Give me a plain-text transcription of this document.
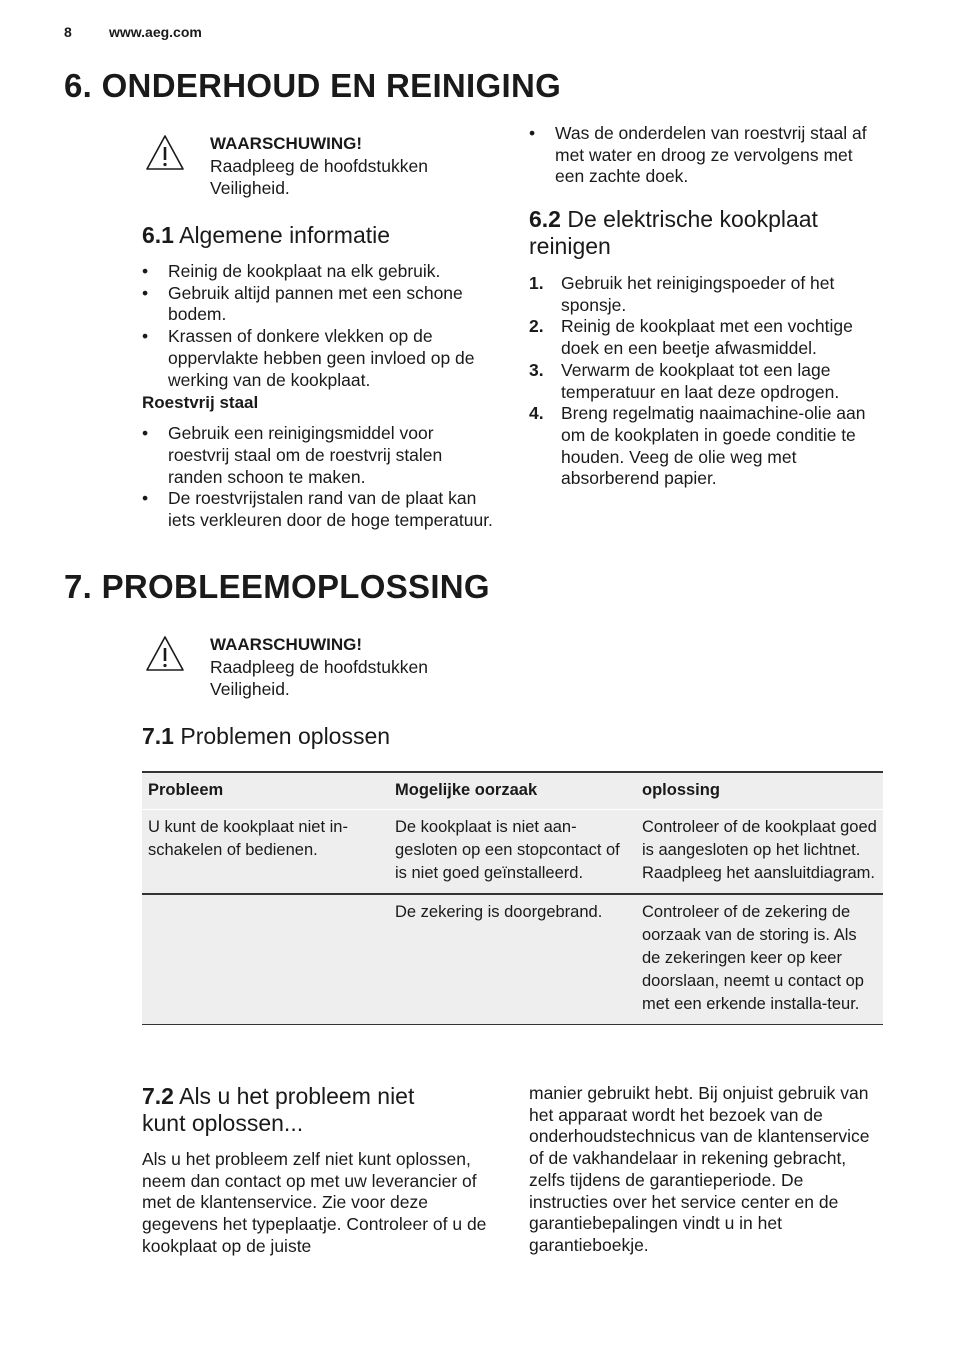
8	www.aeg.com
6. ONDERHOUD EN REINIGING
WAARSCHUWING!
Raadpleeg de hoofdstukken
Veiligheid.
6.1 Algemene informatie
• Reinig de kookplaat na elk gebruik.
• Gebruik altijd pannen met een schone bodem.
• Krassen of donkere vlekken op de oppervlakte hebben geen invloed op de werking van de kookplaat.
Roestvrij staal
• Gebruik een reinigingsmiddel voor roestvrij staal om de roestvrij stalen randen schoon te maken.
• De roestvrijstalen rand van de plaat kan iets verkleuren door de hoge temperatuur.
• Was de onderdelen van roestvrij staal af met water en droog ze vervolgens met een zachte doek.
6.2 De elektrische kookplaat
reinigen
1. Gebruik het reinigingspoeder of het sponsje.
2. Reinig de kookplaat met een vochtige doek en een beetje afwasmiddel.
3. Verwarm de kookplaat tot een lage temperatuur en laat deze opdrogen.
4. Breng regelmatig naaimachine-olie aan om de kookplaten in goede conditie te houden. Veeg de olie weg met absorberend papier.
7. PROBLEEMOPLOSSING
WAARSCHUWING!
Raadpleeg de hoofdstukken
Veiligheid.
7.1 Problemen oplossen
Probleem	Mogelijke oorzaak	oplossing
U kunt de kookplaat niet in-schakelen of bedienen.	De kookplaat is niet aan-gesloten op een stopcontact of is niet goed geïnstalleerd.	Controleer of de kookplaat goed is aangesloten op het lichtnet. Raadpleeg het aansluitdiagram.
	De zekering is doorgebrand.	Controleer of de zekering de oorzaak van de storing is. Als de zekeringen keer op keer doorslaan, neemt u contact op met een erkende installa-teur.
7.2 Als u het probleem niet
kunt oplossen...
Als u het probleem zelf niet kunt oplossen, neem dan contact op met uw leverancier of met de klantenservice. Zie voor deze gegevens het typeplaatje. Controleer of u de kookplaat op de juiste
manier gebruikt hebt. Bij onjuist gebruik van het apparaat wordt het bezoek van de onderhoudstechnicus van de klantenservice of de vakhandelaar in rekening gebracht, zelfs tijdens de garantieperiode. De instructies over het service center en de garantiebepalingen vindt u in het garantieboekje.
